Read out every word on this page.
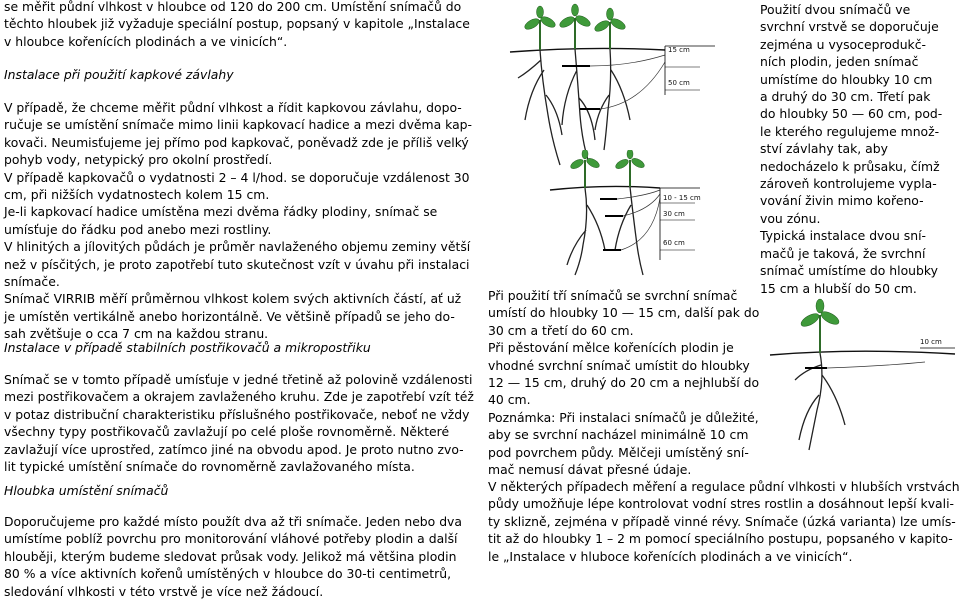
se měřit půdní vlhkost v hloubce od 120 do 200 cm. Umístění snímačů do

těchto hloubek již vyžaduje speciální postup, popsaný v kapitole „Instalace

v hloubce kořenících plodinách a ve vinicích“.

Instalace při použití kapkové závlahy

V případě, že chceme měřit půdní vlhkost a řídit kapkovou závlahu, dopo-

ručuje se umístění snímače mimo linii kapkovací hadice a mezi dvěma kap-

kovači. Neumisťujeme jej přímo pod kapkovač, poněvadž zde je příliš velký

pohyb vody, netypický pro okolní prostředí.

V případě kapkovačů o vydatnosti 2 – 4 l/hod. se doporučuje vzdálenost 30

cm, při nižších vydatnostech kolem 15 cm.

Je-li kapkovací hadice umístěna mezi dvěma řádky plodiny, snímač se

umísťuje do řádku pod anebo mezi rostliny.

V hlinitých a jílovitých půdách je průměr navlaženého objemu zeminy větší

než v písčitých, je proto zapotřebí tuto skutečnost vzít v úvahu při instalaci

snímače.

Snímač VIRRIB měří průměrnou vlhkost kolem svých aktivních částí, ať už

je umístěn vertikálně anebo horizontálně. Ve většině případů se jeho do-

sah zvětšuje o cca 7 cm na každou stranu.

Instalace v případě stabilních postřikovačů a mikropostřiku

Snímač se v tomto případě umísťuje v jedné třetině až polovině vzdálenosti

mezi postřikovačem a okrajem zavlaženého kruhu. Zde je zapotřebí vzít též

v potaz distribuční charakteristiku příslušného postřikovače, neboť ne vždy

všechny typy postřikovačů zavlažují po celé ploše rovnoměrně. Některé

zavlažují více uprostřed, zatímco jiné na obvodu apod. Je proto nutno zvo-

lit typické umístění snímače do rovnoměrně zavlažovaného místa.

Hloubka umístění snímačů

Doporučujeme pro každé místo použít dva až tři snímače. Jeden nebo dva

umístíme poblíž povrchu pro monitorování vláhové potřeby plodin a další

hlouběji, kterým budeme sledovat průsak vody. Jelikož má většina plodin

80 % a více aktivních kořenů umístěných v hloubce do 30-ti centimetrů,

sledování vlhkosti v této vrstvě je více než žádoucí.

Použití dvou snímačů ve

svrchní vrstvě se doporučuje

zejména u vysoceprodukč-

ních plodin, jeden snímač

umístíme do hloubky 10 cm

a druhý do 30 cm. Třetí pak

do hloubky 50 — 60 cm, pod-

le kterého regulujeme množ-

ství závlahy tak, aby

nedocházelo k průsaku, čímž

zároveň kontrolujeme vypla-

vování živin mimo kořeno-

vou zónu.

Typická instalace dvou sní-

mačů je taková, že svrchní

snímač umístíme do hloubky

15 cm a hlubší do 50 cm.

Při použití tří snímačů se svrchní snímač

umístí do hloubky 10 — 15 cm, další pak do

30 cm a třetí do 60 cm.

Při pěstování mělce kořenících plodin je

vhodné svrchní snímač umístit do hloubky

12 — 15 cm, druhý do 20 cm a nejhlubší do

40 cm.

Poznámka: Při instalaci snímačů je důležité,

aby se svrchní nacházel minimálně 10 cm

pod povrchem půdy. Mělčeji umístěný sní-

mač nemusí dávat přesné údaje.

V některých případech měření a regulace půdní vlhkosti v hlubších vrstvách

půdy umožňuje lépe kontrolovat vodní stres rostlin a dosáhnout lepší kvali-

ty sklizně, zejména v případě vinné révy. Snímače (úzká varianta) lze umís-

tit až do hloubky 1 – 2 m pomocí speciálního postupu, popsaného v kapito-

le „Instalace v hluboce kořenících plodinách a ve vinicích“.

15 cm
50 cm
10 - 15 cm
30 cm
60 cm
10 cm
